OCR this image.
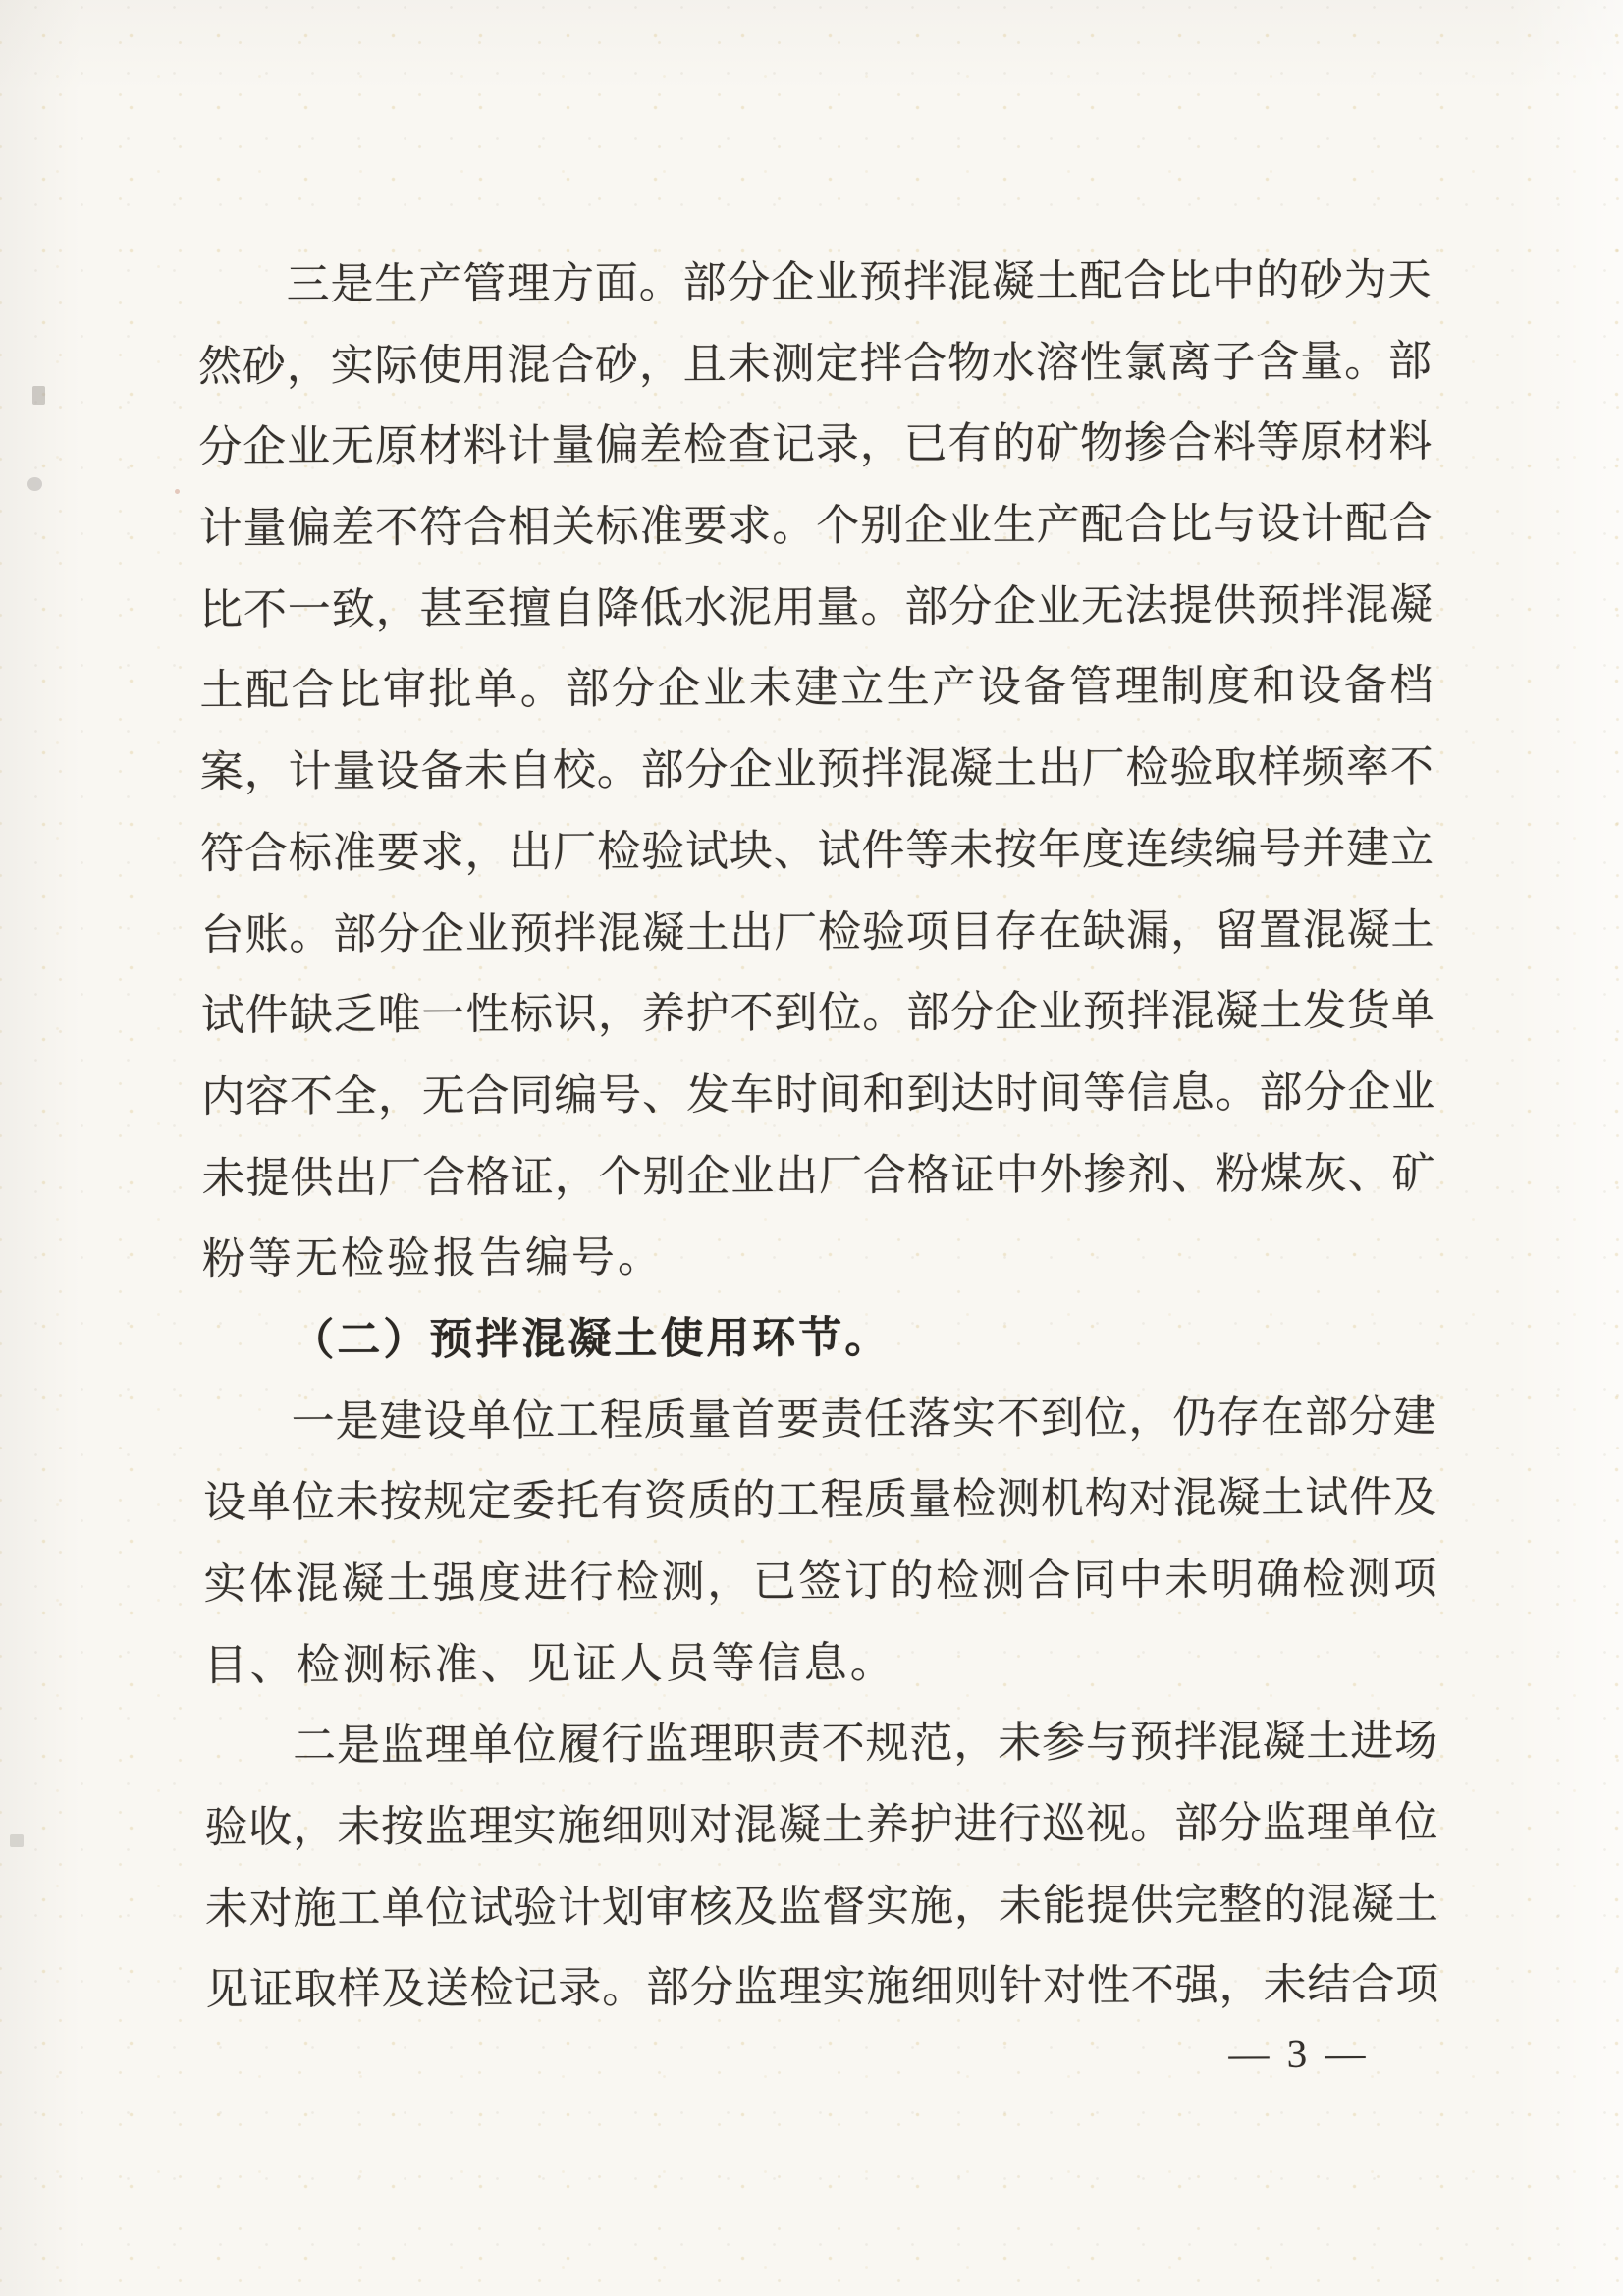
三是生产管理方面。部分企业预拌混凝土配合比中的砂为天
然砂，实际使用混合砂，且未测定拌合物水溶性氯离子含量。部
分企业无原材料计量偏差检查记录，已有的矿物掺合料等原材料
计量偏差不符合相关标准要求。个别企业生产配合比与设计配合
比不一致，甚至擅自降低水泥用量。部分企业无法提供预拌混凝
土配合比审批单。部分企业未建立生产设备管理制度和设备档
案，计量设备未自校。部分企业预拌混凝土出厂检验取样频率不
符合标准要求，出厂检验试块、试件等未按年度连续编号并建立
台账。部分企业预拌混凝土出厂检验项目存在缺漏，留置混凝土
试件缺乏唯一性标识，养护不到位。部分企业预拌混凝土发货单
内容不全，无合同编号、发车时间和到达时间等信息。部分企业
未提供出厂合格证，个别企业出厂合格证中外掺剂、粉煤灰、矿
粉等无检验报告编号。
（二）预拌混凝土使用环节。
一是建设单位工程质量首要责任落实不到位，仍存在部分建
设单位未按规定委托有资质的工程质量检测机构对混凝土试件及
实体混凝土强度进行检测，已签订的检测合同中未明确检测项
目、检测标准、见证人员等信息。
二是监理单位履行监理职责不规范，未参与预拌混凝土进场
验收，未按监理实施细则对混凝土养护进行巡视。部分监理单位
未对施工单位试验计划审核及监督实施，未能提供完整的混凝土
见证取样及送检记录。部分监理实施细则针对性不强，未结合项
— 3 —
